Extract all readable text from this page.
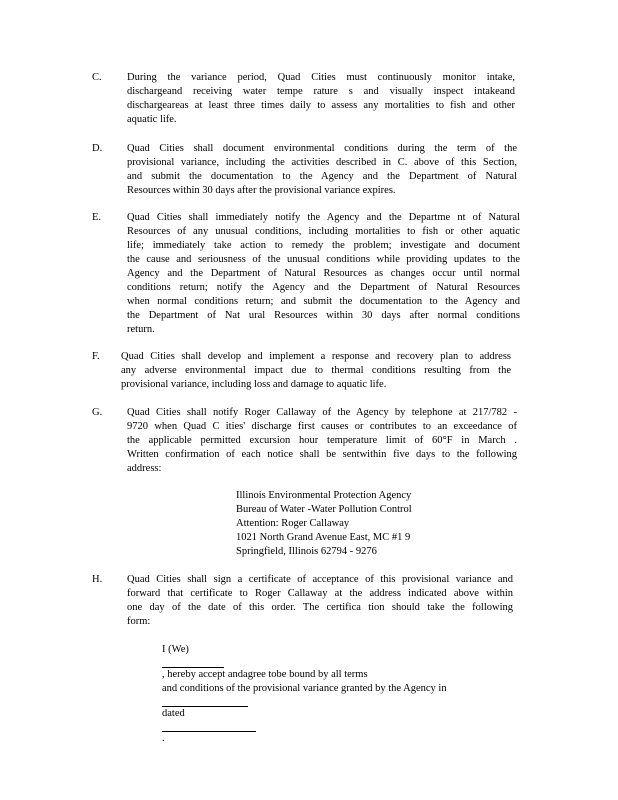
C. During the variance period, Quad Cities must continuously monitor intake,
dischargeand receiving water tempe rature s and visually inspect intakeand
dischargeareas at least three times daily to assess any mortalities to fish and other
aquatic life.
D. Quad Cities shall document environmental conditions during the term of the
provisional variance, including the activities described in C. above of this Section,
and submit the documentation to the Agency and the Department of Natural
Resources within 30 days after the provisional variance expires.
E. Quad Cities shall immediately notify the Agency and the Departme nt of Natural
Resources of any unusual conditions, including mortalities to fish or other aquatic
life; immediately take action to remedy the problem; investigate and document
the cause and seriousness of the unusual conditions while providing updates to the
Agency and the Department of Natural Resources as changes occur until normal
conditions return; notify the Agency and the Department of Natural Resources
when normal conditions return; and submit the documentation to the Agency and
the Department of Nat ural Resources within 30 days after normal conditions
return.
F. Quad Cities shall develop and implement a response and recovery plan to address
any adverse environmental impact due to thermal conditions resulting from the
provisional variance, including loss and damage to aquatic life.
G. Quad Cities shall notify Roger Callaway of the Agency by telephone at 217/782 -
9720 when Quad C ities' discharge first causes or contributes to an exceedance of
the applicable permitted excursion hour temperature limit of 60°F in March .
Written confirmation of each notice shall be sentwithin five days to the following
address:
Illinois Environmental Protection Agency
Bureau of Water -Water Pollution Control
Attention: Roger Callaway
1021 North Grand Avenue East, MC #1 9
Springfield, Illinois 62794 - 9276
H. Quad Cities shall sign a certificate of acceptance of this provisional variance and
forward that certificate to Roger Callaway at the address indicated above within
one day of the date of this order. The certifica tion should take the following
form:
I (We)
, hereby accept andagree tobe bound by all terms
and conditions of the provisional variance granted by the Agency in
dated
.
